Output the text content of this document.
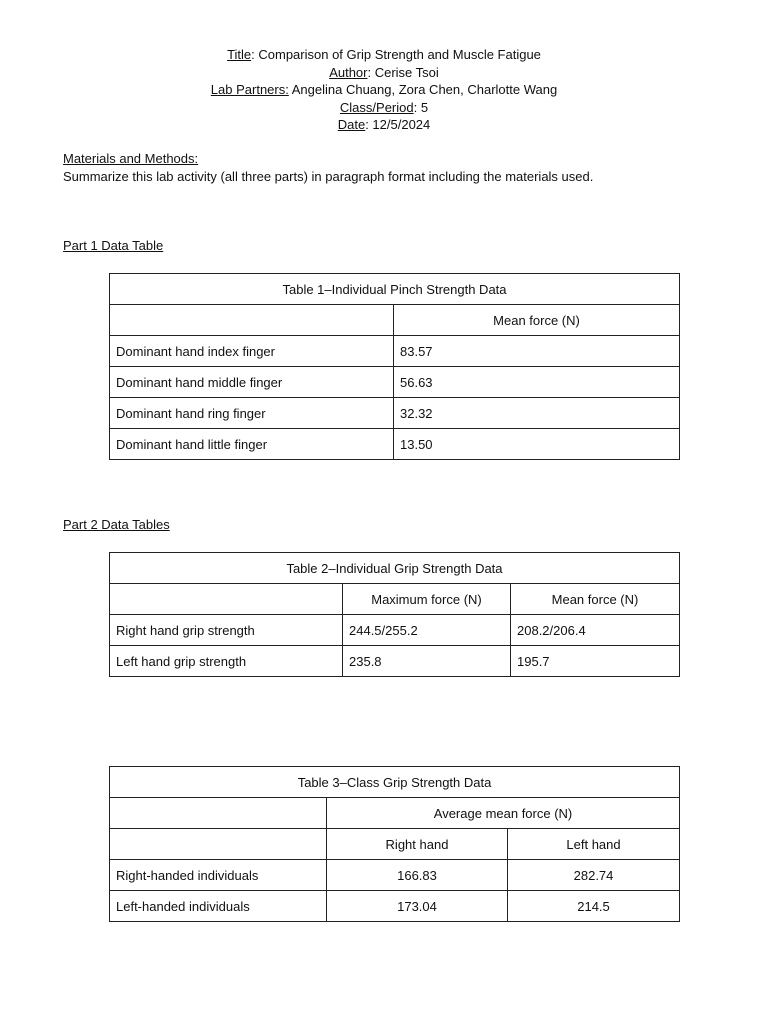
Title: Comparison of Grip Strength and Muscle Fatigue
Author: Cerise Tsoi
Lab Partners: Angelina Chuang, Zora Chen, Charlotte Wang
Class/Period: 5
Date: 12/5/2024
Materials and Methods:
Summarize this lab activity (all three parts) in paragraph format including the materials used.
Part 1 Data Table
Table 1–Individual Pinch Strength Data	
	Mean force (N)
Dominant hand index finger	83.57
Dominant hand middle finger	56.63
Dominant hand ring finger	32.32
Dominant hand little finger	13.50
Part 2 Data Tables
Table 2–Individual Grip Strength Data		
	Maximum force (N)	Mean force (N)
Right hand grip strength	244.5/255.2	208.2/206.4
Left hand grip strength	235.8	195.7
Table 3–Class Grip Strength Data		
	Average mean force (N)	
	Right hand	Left hand
Right-handed individuals	166.83	282.74
Left-handed individuals	173.04	214.5
